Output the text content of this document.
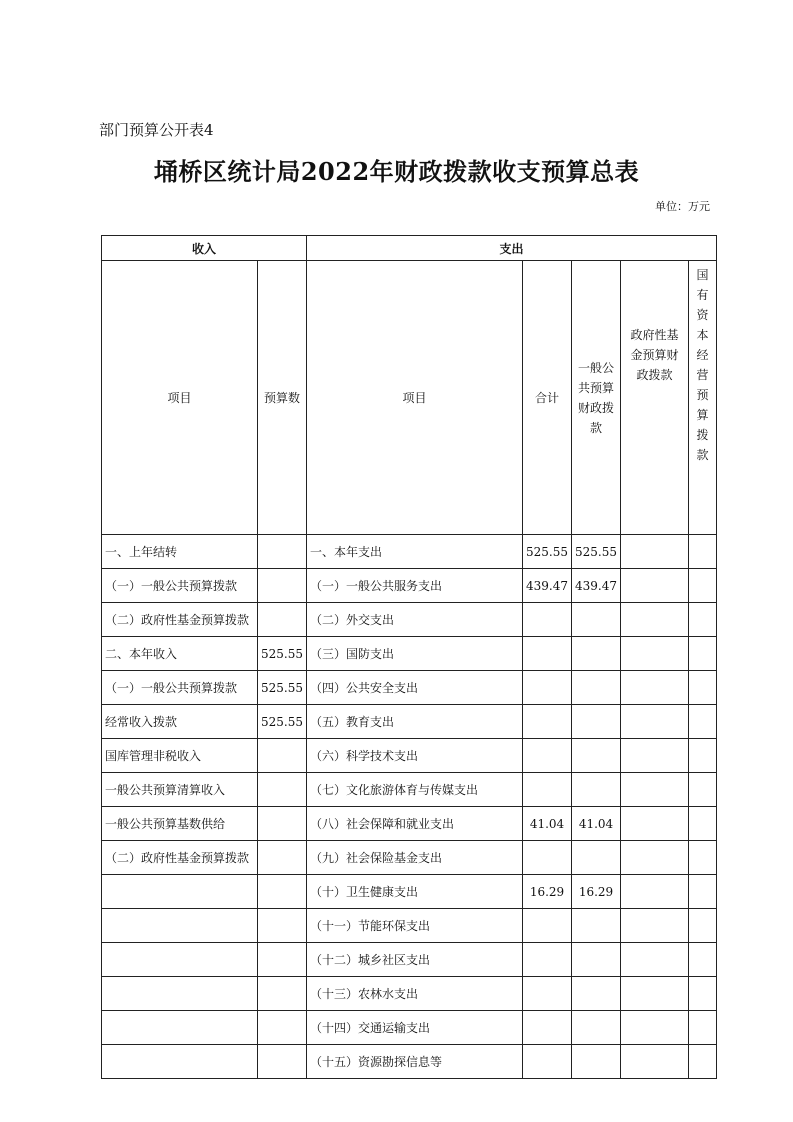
部门预算公开表4
埇桥区统计局2022年财政拨款收支预算总表
单位：万元
收入		支出				
项目	预算数	项目	合计	一般公共预算财政拨款	政府性基金预算财政拨款	国有资本经营预算拨款
一、上年结转		一、本年支出	525.55	525.55		
（一）一般公共预算拨款		（一）一般公共服务支出	439.47	439.47		
（二）政府性基金预算拨款		（二）外交支出				
二、本年收入	525.55	（三）国防支出				
（一）一般公共预算拨款	525.55	（四）公共安全支出				
经常收入拨款	525.55	（五）教育支出				
国库管理非税收入		（六）科学技术支出				
一般公共预算清算收入		（七）文化旅游体育与传媒支出				
一般公共预算基数供给		（八）社会保障和就业支出	41.04	41.04		
（二）政府性基金预算拨款		（九）社会保险基金支出				
		（十）卫生健康支出	16.29	16.29		
		（十一）节能环保支出				
		（十二）城乡社区支出				
		（十三）农林水支出				
		（十四）交通运输支出				
		（十五）资源勘探信息等				
